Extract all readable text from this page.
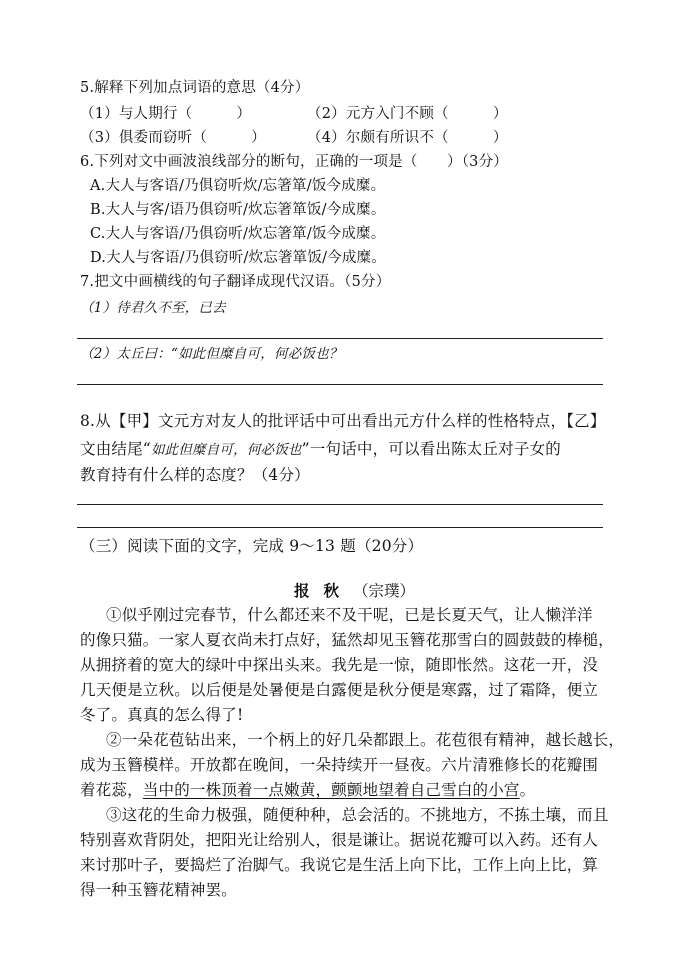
5.解释下列加点词语的意思（4分）
（1）与人期行（　　　）	（2）元方入门不顾（　　　）
（3）俱委而窃听（　　　）	（4）尔颇有所识不（　　　）
6.下列对文中画波浪线部分的断句，正确的一项是（　　）（3分）
A.大人与客语/乃俱窃听炊/忘箸箪/饭今成糜。
B.大人与客/语乃俱窃听/炊忘箸箪饭/今成糜。
C.大人与客语/乃俱窃听/炊忘箸箪/饭今成糜。
D.大人与客语/乃俱窃听/炊忘箸箪饭/今成糜。
7.把文中画横线的句子翻译成现代汉语。（5分）
（1）待君久不至，已去
（2）太丘曰：“如此但糜自可，何必饭也？
8.从【甲】文元方对友人的批评话中可出看出元方什么样的性格特点，【乙】
文由结尾“如此但糜自可，何必饭也”一句话中，可以看出陈太丘对子女的
教育持有什么样的态度？（4分）
（三）阅读下面的文字，完成 9～13 题（20分）
报秋（宗璞）
①似乎刚过完春节，什么都还来不及干呢，已是长夏天气，让人懒洋洋
的像只猫。一家人夏衣尚未打点好，猛然却见玉簪花那雪白的圆鼓鼓的棒槌，
从拥挤着的宽大的绿叶中探出头来。我先是一惊，随即怅然。这花一开，没
几天便是立秋。以后便是处暑便是白露便是秋分便是寒露，过了霜降，便立
冬了。真真的怎么得了!
②一朵花苞钻出来，一个柄上的好几朵都跟上。花苞很有精神，越长越长，
成为玉簪模样。开放都在晚间，一朵持续开一昼夜。六片清雅修长的花瓣围
着花蕊，当中的一株顶着一点嫩黄，颤颤地望着自己雪白的小宫。
③这花的生命力极强，随便种种，总会活的。不挑地方，不拣土壤，而且
特别喜欢背阴处，把阳光让给别人，很是谦让。据说花瓣可以入药。还有人
来讨那叶子，要捣烂了治脚气。我说它是生活上向下比，工作上向上比，算
得一种玉簪花精神罢。
